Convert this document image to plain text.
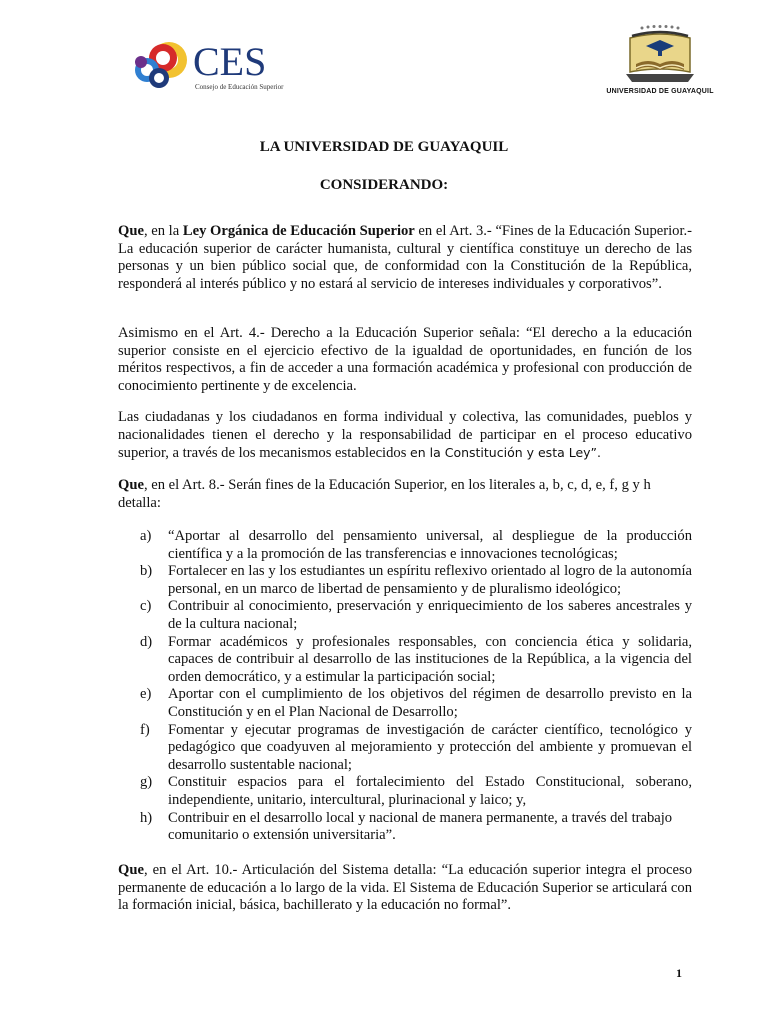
CES
Consejo de Educación Superior
UNIVERSIDAD DE GUAYAQUIL
LA UNIVERSIDAD DE GUAYAQUIL
CONSIDERANDO:

Que, en la Ley Orgánica de Educación Superior en el Art. 3.- “Fines de la Educación Superior.- La educación superior de carácter humanista, cultural y científica constituye un derecho de las personas y un bien público social que, de conformidad con la Constitución de la República, responderá al interés público y no estará al servicio de intereses individuales y corporativos”.

Asimismo en el Art. 4.- Derecho a la Educación Superior señala: “El derecho a la educación superior consiste en el ejercicio efectivo de la igualdad de oportunidades, en función de los méritos respectivos, a fin de acceder a una formación académica y profesional con producción de conocimiento pertinente y de excelencia.

Las ciudadanas y los ciudadanos en forma individual y colectiva, las comunidades, pueblos y nacionalidades tienen el derecho y la responsabilidad de participar en el proceso educativo superior, a través de los mecanismos establecidos en la Constitución y esta Ley”.

Que, en el Art. 8.- Serán fines de la Educación Superior, en los literales a, b, c, d, e, f, g y h detalla:

a) “Aportar al desarrollo del pensamiento universal, al despliegue de la producción científica y a la promoción de las transferencias e innovaciones tecnológicas;
b) Fortalecer en las y los estudiantes un espíritu reflexivo orientado al logro de la autonomía personal, en un marco de libertad de pensamiento y de pluralismo ideológico;
c) Contribuir al conocimiento, preservación y enriquecimiento de los saberes ancestrales y de la cultura nacional;
d) Formar académicos y profesionales responsables, con conciencia ética y solidaria, capaces de contribuir al desarrollo de las instituciones de la República, a la vigencia del orden democrático, y a estimular la participación social;
e) Aportar con el cumplimiento de los objetivos del régimen de desarrollo previsto en la Constitución y en el Plan Nacional de Desarrollo;
f) Fomentar y ejecutar programas de investigación de carácter científico, tecnológico y pedagógico que coadyuven al mejoramiento y protección del ambiente y promuevan el desarrollo sustentable nacional;
g) Constituir espacios para el fortalecimiento del Estado Constitucional, soberano, independiente, unitario, intercultural, plurinacional y laico; y,
h) Contribuir en el desarrollo local y nacional de manera permanente, a través del trabajo comunitario o extensión universitaria”.

Que, en el Art. 10.- Articulación del Sistema detalla: “La educación superior integra el proceso permanente de educación a lo largo de la vida. El Sistema de Educación Superior se articulará con la formación inicial, básica, bachillerato y la educación no formal”.

1
